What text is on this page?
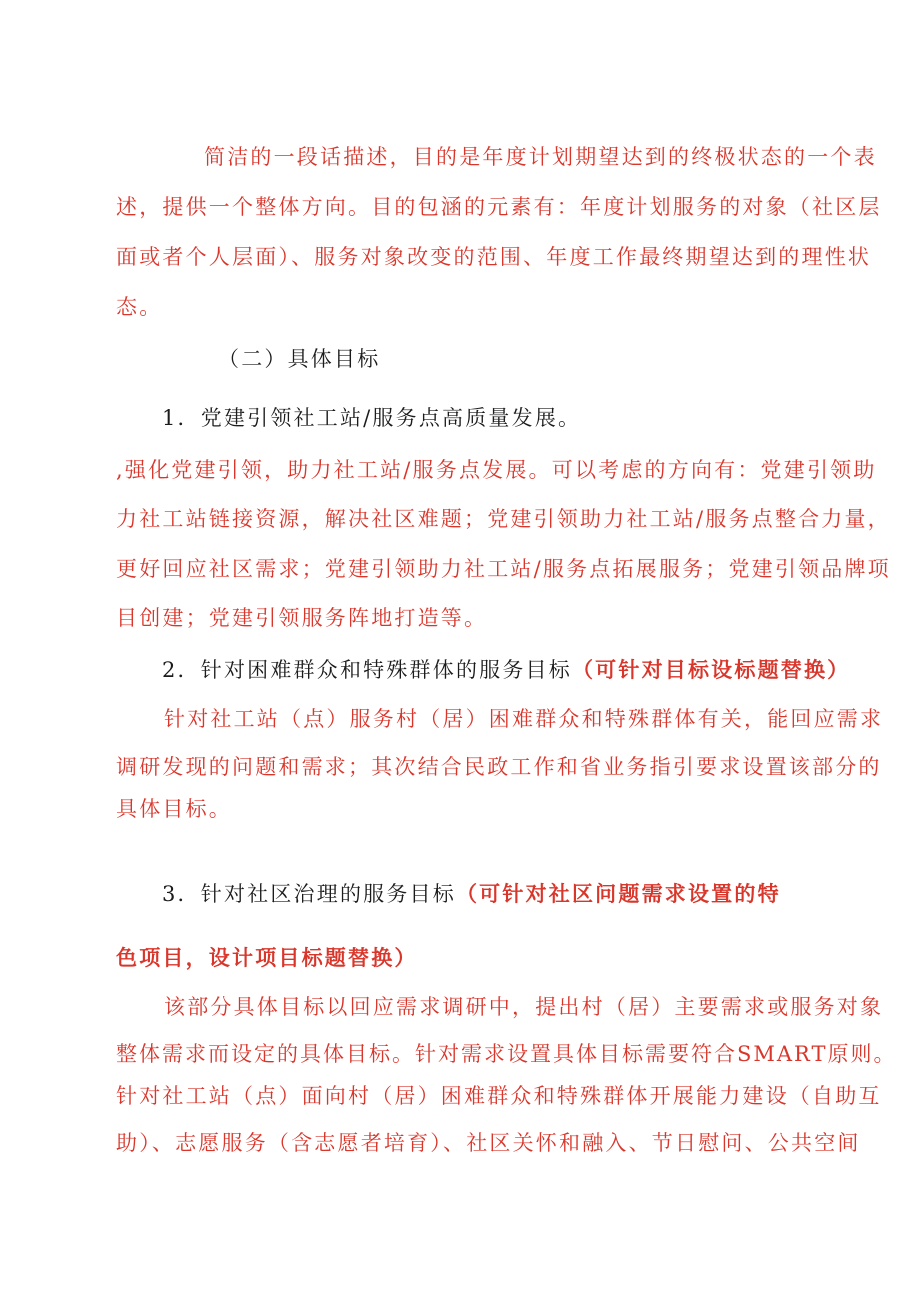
简洁的一段话描述，目的是年度计划期望达到的终极状态的一个表
述，提供一个整体方向。目的包涵的元素有：年度计划服务的对象（社区层
面或者个人层面）、服务对象改变的范围、年度工作最终期望达到的理性状
态。
（二）具体目标
1．党建引领社工站/服务点高质量发展。
,强化党建引领，助力社工站/服务点发展。可以考虑的方向有：党建引领助
力社工站链接资源，解决社区难题；党建引领助力社工站/服务点整合力量，
更好回应社区需求；党建引领助力社工站/服务点拓展服务；党建引领品牌项
目创建；党建引领服务阵地打造等。
2．针对困难群众和特殊群体的服务目标（可针对目标设标题替换）
针对社工站（点）服务村（居）困难群众和特殊群体有关，能回应需求
调研发现的问题和需求；其次结合民政工作和省业务指引要求设置该部分的
具体目标。
3．针对社区治理的服务目标（可针对社区问题需求设置的特
色项目，设计项目标题替换）
该部分具体目标以回应需求调研中，提出村（居）主要需求或服务对象
整体需求而设定的具体目标。针对需求设置具体目标需要符合SMART原则。
针对社工站（点）面向村（居）困难群众和特殊群体开展能力建设（自助互
助）、志愿服务（含志愿者培育）、社区关怀和融入、节日慰问、公共空间
